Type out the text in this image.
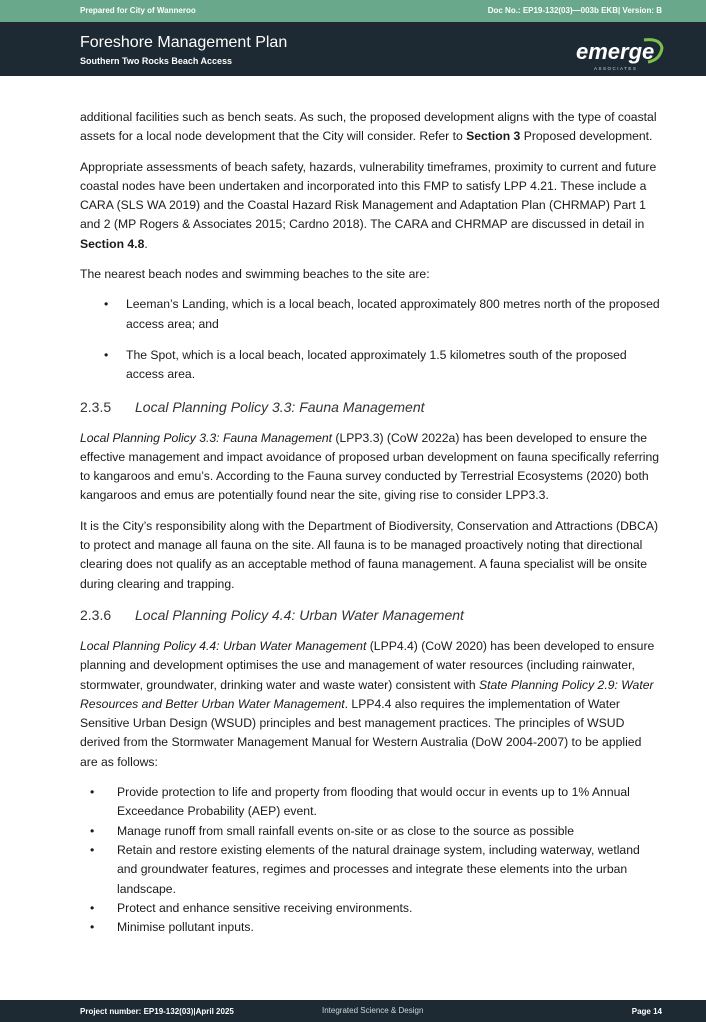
Prepared for City of Wanneroo	Doc No.: EP19-132(03)—003b EKB| Version: B
Foreshore Management Plan
Southern Two Rocks Beach Access	emerge
ASSOCIATES

additional facilities such as bench seats. As such, the proposed development aligns with the type of coastal assets for a local node development that the City will consider. Refer to Section 3 Proposed development.

Appropriate assessments of beach safety, hazards, vulnerability timeframes, proximity to current and future coastal nodes have been undertaken and incorporated into this FMP to satisfy LPP 4.21. These include a CARA (SLS WA 2019) and the Coastal Hazard Risk Management and Adaptation Plan (CHRMAP) Part 1 and 2 (MP Rogers & Associates 2015; Cardno 2018). The CARA and CHRMAP are discussed in detail in Section 4.8.

The nearest beach nodes and swimming beaches to the site are:

• Leeman’s Landing, which is a local beach, located approximately 800 metres north of the proposed access area; and
• The Spot, which is a local beach, located approximately 1.5 kilometres south of the proposed access area.
2.3.5	Local Planning Policy 3.3: Fauna Management

Local Planning Policy 3.3: Fauna Management (LPP3.3) (CoW 2022a) has been developed to ensure the effective management and impact avoidance of proposed urban development on fauna specifically referring to kangaroos and emu’s. According to the Fauna survey conducted by Terrestrial Ecosystems (2020) both kangaroos and emus are potentially found near the site, giving rise to consider LPP3.3.

It is the City’s responsibility along with the Department of Biodiversity, Conservation and Attractions (DBCA) to protect and manage all fauna on the site. All fauna is to be managed proactively noting that directional clearing does not qualify as an acceptable method of fauna management. A fauna specialist will be onsite during clearing and trapping.

2.3.6	Local Planning Policy 4.4: Urban Water Management

Local Planning Policy 4.4: Urban Water Management (LPP4.4) (CoW 2020) has been developed to ensure planning and development optimises the use and management of water resources (including rainwater, stormwater, groundwater, drinking water and waste water) consistent with State Planning Policy 2.9: Water Resources and Better Urban Water Management. LPP4.4 also requires the implementation of Water Sensitive Urban Design (WSUD) principles and best management practices. The principles of WSUD derived from the Stormwater Management Manual for Western Australia (DoW 2004-2007) to be applied are as follows:

• Provide protection to life and property from flooding that would occur in events up to 1% Annual Exceedance Probability (AEP) event.
• Manage runoff from small rainfall events on-site or as close to the source as possible
• Retain and restore existing elements of the natural drainage system, including waterway, wetland and groundwater features, regimes and processes and integrate these elements into the urban landscape.
• Protect and enhance sensitive receiving environments.
• Minimise pollutant inputs.
Project number: EP19-132(03)|April 2025	Integrated Science & Design	Page 14
